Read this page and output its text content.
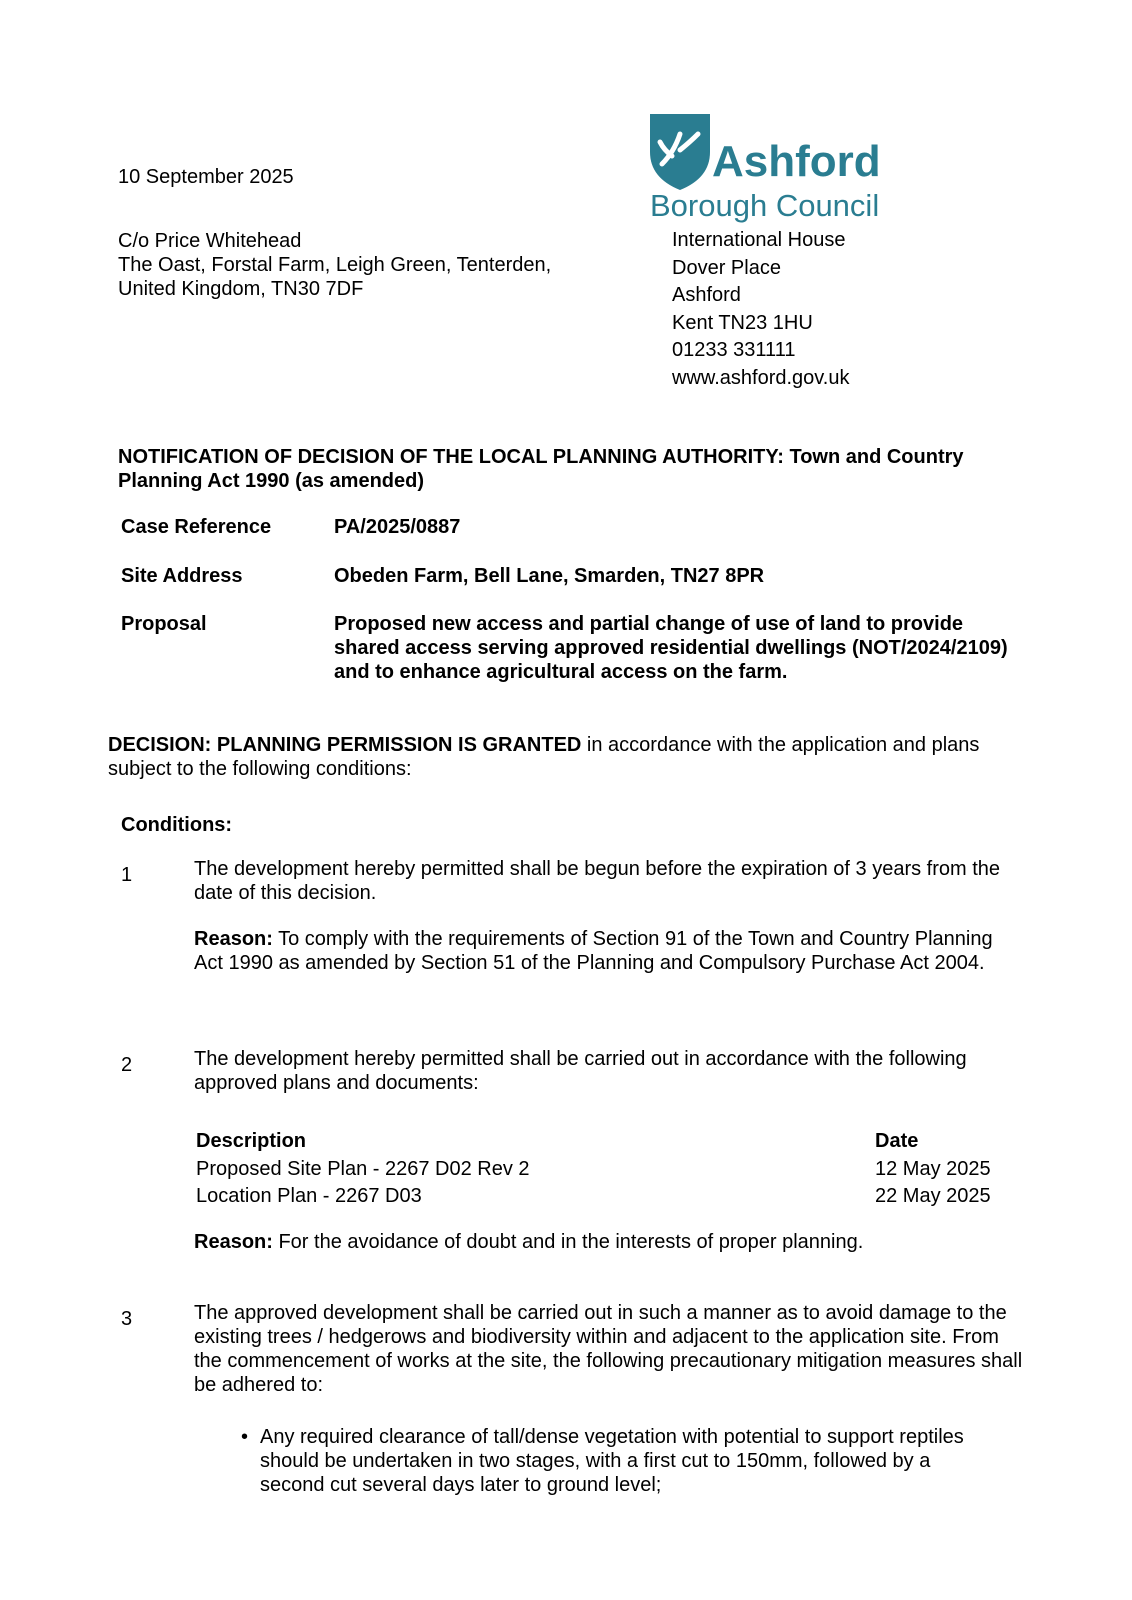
10 September 2025
C/o Price Whitehead
The Oast, Forstal Farm, Leigh Green, Tenterden,
United Kingdom, TN30 7DF
Ashford
Borough Council
International House
Dover Place
Ashford
Kent TN23 1HU
01233 331111
www.ashford.gov.uk
NOTIFICATION OF DECISION OF THE LOCAL PLANNING AUTHORITY: Town and Country Planning Act 1990 (as amended)
Case Reference	PA/2025/0887
Site Address	Obeden Farm, Bell Lane, Smarden, TN27 8PR
Proposal	Proposed new access and partial change of use of land to provide shared access serving approved residential dwellings (NOT/2024/2109) and to enhance agricultural access on the farm.
DECISION: PLANNING PERMISSION IS GRANTED in accordance with the application and plans subject to the following conditions:
Conditions:
1	The development hereby permitted shall be begun before the expiration of 3 years from the date of this decision.
Reason: To comply with the requirements of Section 91 of the Town and Country Planning Act 1990 as amended by Section 51 of the Planning and Compulsory Purchase Act 2004.
2	The development hereby permitted shall be carried out in accordance with the following approved plans and documents:
Description	Date
Proposed Site Plan - 2267 D02 Rev 2	12 May 2025
Location Plan - 2267 D03	22 May 2025
Reason: For the avoidance of doubt and in the interests of proper planning.
3	The approved development shall be carried out in such a manner as to avoid damage to the existing trees / hedgerows and biodiversity within and adjacent to the application site. From the commencement of works at the site, the following precautionary mitigation measures shall be adhered to:
• Any required clearance of tall/dense vegetation with potential to support reptiles should be undertaken in two stages, with a first cut to 150mm, followed by a second cut several days later to ground level;
